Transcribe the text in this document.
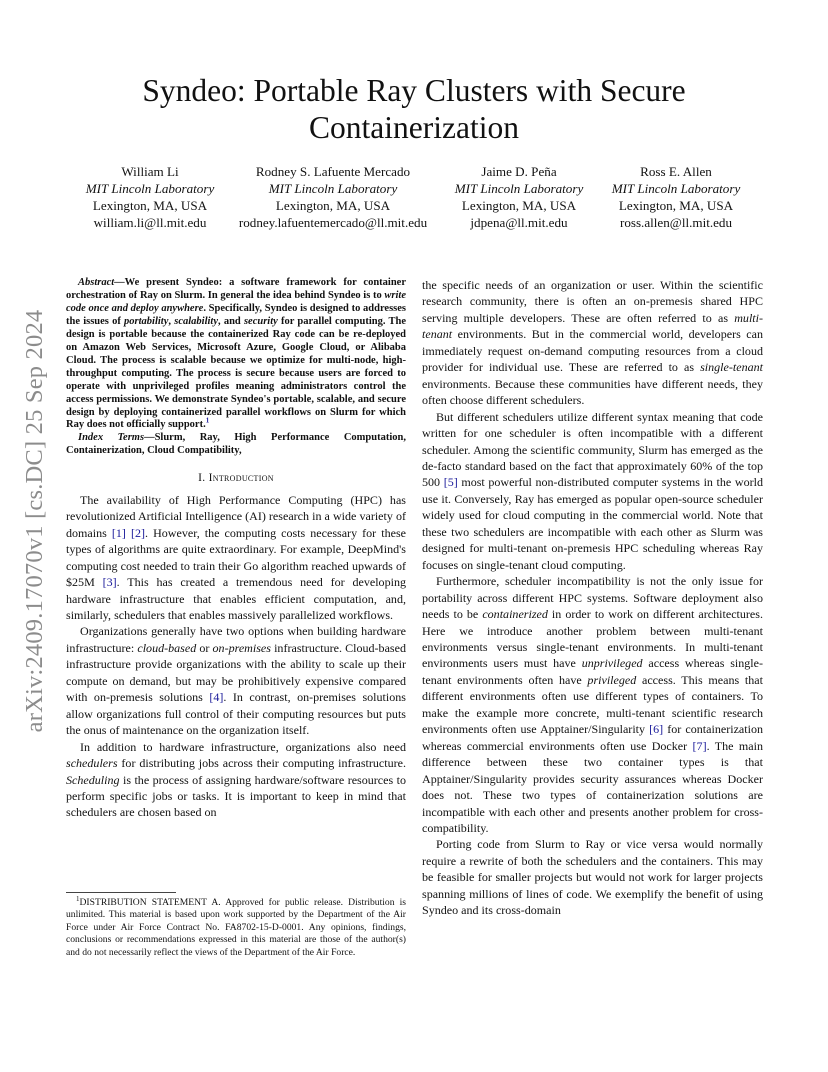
arXiv:2409.17070v1 [cs.DC] 25 Sep 2024
Syndeo: Portable Ray Clusters with Secure Containerization
William Li
MIT Lincoln Laboratory
Lexington, MA, USA
william.li@ll.mit.edu
Rodney S. Lafuente Mercado
MIT Lincoln Laboratory
Lexington, MA, USA
rodney.lafuentemercado@ll.mit.edu
Jaime D. Peña
MIT Lincoln Laboratory
Lexington, MA, USA
jdpena@ll.mit.edu
Ross E. Allen
MIT Lincoln Laboratory
Lexington, MA, USA
ross.allen@ll.mit.edu

Abstract—We present Syndeo: a software framework for container orchestration of Ray on Slurm. In general the idea behind Syndeo is to write code once and deploy anywhere. Specifically, Syndeo is designed to addresses the issues of portability, scalability, and security for parallel computing. The design is portable because the containerized Ray code can be re-deployed on Amazon Web Services, Microsoft Azure, Google Cloud, or Alibaba Cloud. The process is scalable because we optimize for multi-node, high-throughput computing. The process is secure because users are forced to operate with unprivileged profiles meaning administrators control the access permissions. We demonstrate Syndeo's portable, scalable, and secure design by deploying containerized parallel workflows on Slurm for which Ray does not officially support.$^1$

Index Terms—Slurm, Ray, High Performance Computation, Containerization, Cloud Compatibility,

I. Introduction

The availability of High Performance Computing (HPC) has revolutionized Artificial Intelligence (AI) research in a wide variety of domains [1] [2]. However, the computing costs necessary for these types of algorithms are quite extraordinary. For example, DeepMind's computing cost needed to train their Go algorithm reached upwards of $25M [3]. This has created a tremendous need for developing hardware infrastructure that enables efficient computation, and, similarly, schedulers that enables massively parallelized workflows.

Organizations generally have two options when building hardware infrastructure: cloud-based or on-premises infrastructure. Cloud-based infrastructure provide organizations with the ability to scale up their compute on demand, but may be prohibitively expensive compared with on-premesis solutions [4]. In contrast, on-premises solutions allow organizations full control of their computing resources but puts the onus of maintenance on the organization itself.

In addition to hardware infrastructure, organizations also need schedulers for distributing jobs across their computing infrastructure. Scheduling is the process of assigning hardware/software resources to perform specific jobs or tasks. It is important to keep in mind that schedulers are chosen based on

$^1$DISTRIBUTION STATEMENT A. Approved for public release. Distribution is unlimited. This material is based upon work supported by the Department of the Air Force under Air Force Contract No. FA8702-15-D-0001. Any opinions, findings, conclusions or recommendations expressed in this material are those of the author(s) and do not necessarily reflect the views of the Department of the Air Force.

the specific needs of an organization or user. Within the scientific research community, there is often an on-premesis shared HPC serving multiple developers. These are often referred to as multi-tenant environments. But in the commercial world, developers can immediately request on-demand computing resources from a cloud provider for individual use. These are referred to as single-tenant environments. Because these communities have different needs, they often choose different schedulers.

But different schedulers utilize different syntax meaning that code written for one scheduler is often incompatible with a different scheduler. Among the scientific community, Slurm has emerged as the de-facto standard based on the fact that approximately 60% of the top 500 [5] most powerful non-distributed computer systems in the world use it. Conversely, Ray has emerged as popular open-source scheduler widely used for cloud computing in the commercial world. Note that these two schedulers are incompatible with each other as Slurm was designed for multi-tenant on-premesis HPC scheduling whereas Ray focuses on single-tenant cloud computing.

Furthermore, scheduler incompatibility is not the only issue for portability across different HPC systems. Software deployment also needs to be containerized in order to work on different architectures. Here we introduce another problem between multi-tenant environments versus single-tenant environments. In multi-tenant environments users must have unprivileged access whereas single-tenant environments often have privileged access. This means that different environments often use different types of containers. To make the example more concrete, multi-tenant scientific research environments often use Apptainer/Singularity [6] for containerization whereas commercial environments often use Docker [7]. The main difference between these two container types is that Apptainer/Singularity provides security assurances whereas Docker does not. These two types of containerization solutions are incompatible with each other and presents another problem for cross-compatibility.

Porting code from Slurm to Ray or vice versa would normally require a rewrite of both the schedulers and the containers. This may be feasible for smaller projects but would not work for larger projects spanning millions of lines of code. We exemplify the benefit of using Syndeo and its cross-domain
